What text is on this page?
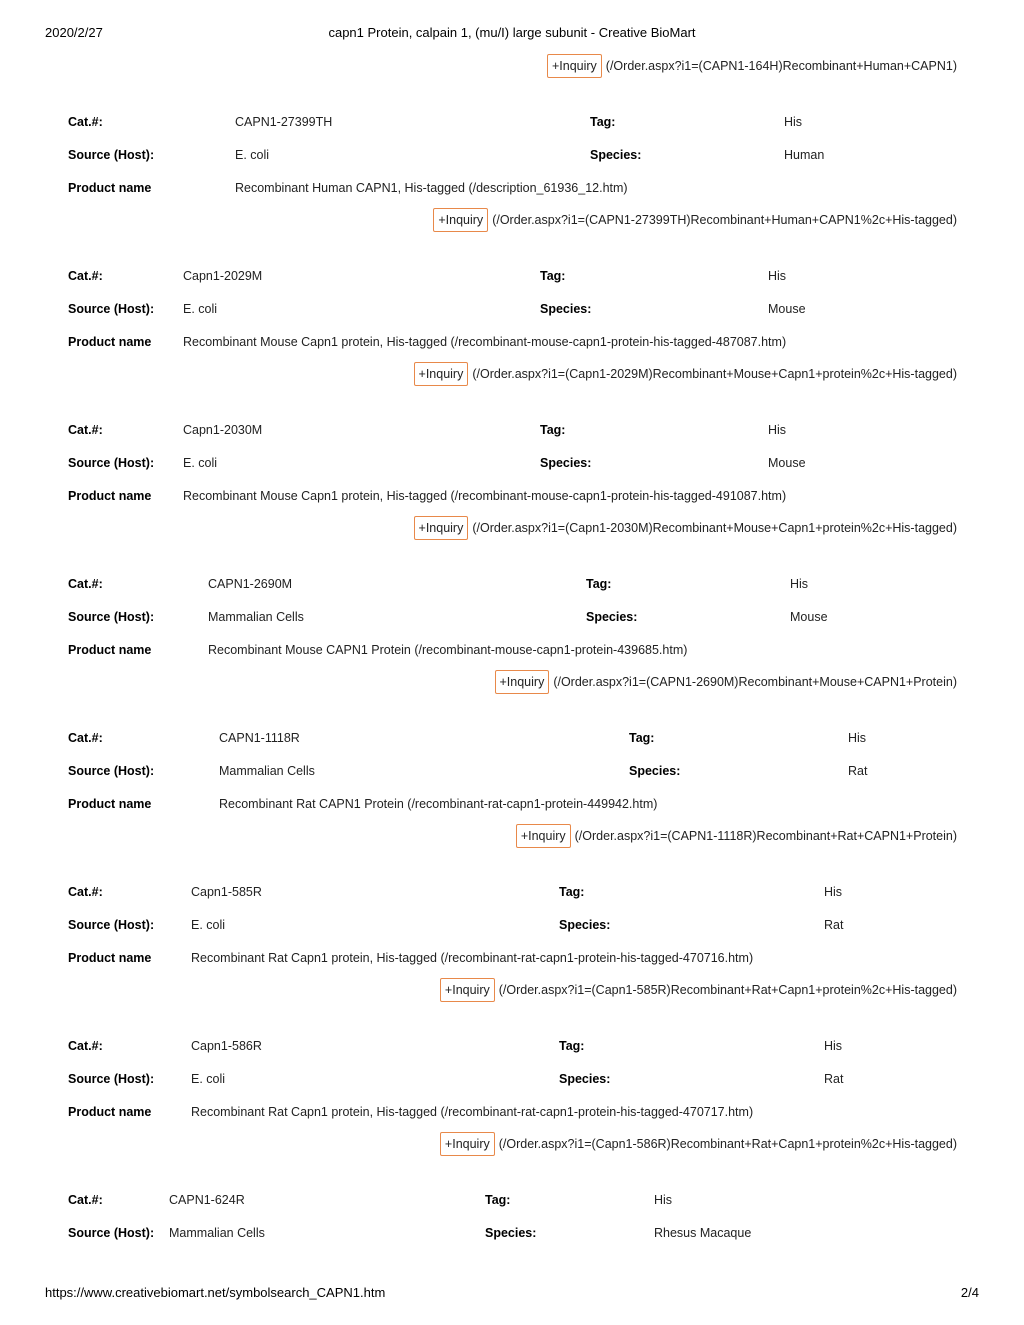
2020/2/27	capn1 Protein, calpain 1, (mu/I) large subunit - Creative BioMart
+Inquiry (/Order.aspx?i1=(CAPN1-164H)Recombinant+Human+CAPN1)
Cat.#:	CAPN1-27399TH	Tag:	His
Source (Host):	E. coli	Species:	Human
Product name	Recombinant Human CAPN1, His-tagged (/description_61936_12.htm)
+Inquiry (/Order.aspx?i1=(CAPN1-27399TH)Recombinant+Human+CAPN1%2c+His-tagged)
Cat.#:	Capn1-2029M	Tag:	His
Source (Host): E. coli	Species:	Mouse
Product name	Recombinant Mouse Capn1 protein, His-tagged (/recombinant-mouse-capn1-protein-his-tagged-487087.htm)
+Inquiry (/Order.aspx?i1=(Capn1-2029M)Recombinant+Mouse+Capn1+protein%2c+His-tagged)
Cat.#:	Capn1-2030M	Tag:	His
Source (Host): E. coli	Species:	Mouse
Product name	Recombinant Mouse Capn1 protein, His-tagged (/recombinant-mouse-capn1-protein-his-tagged-491087.htm)
+Inquiry (/Order.aspx?i1=(Capn1-2030M)Recombinant+Mouse+Capn1+protein%2c+His-tagged)
Cat.#:	CAPN1-2690M	Tag:	His
Source (Host):	Mammalian Cells	Species:	Mouse
Product name	Recombinant Mouse CAPN1 Protein (/recombinant-mouse-capn1-protein-439685.htm)
+Inquiry (/Order.aspx?i1=(CAPN1-2690M)Recombinant+Mouse+CAPN1+Protein)
Cat.#:	CAPN1-1118R	Tag:	His
Source (Host):	Mammalian Cells	Species:	Rat
Product name	Recombinant Rat CAPN1 Protein (/recombinant-rat-capn1-protein-449942.htm)
+Inquiry (/Order.aspx?i1=(CAPN1-1118R)Recombinant+Rat+CAPN1+Protein)
Cat.#:	Capn1-585R	Tag:	His
Source (Host):	E. coli	Species:	Rat
Product name	Recombinant Rat Capn1 protein, His-tagged (/recombinant-rat-capn1-protein-his-tagged-470716.htm)
+Inquiry (/Order.aspx?i1=(Capn1-585R)Recombinant+Rat+Capn1+protein%2c+His-tagged)
Cat.#:	Capn1-586R	Tag:	His
Source (Host):	E. coli	Species:	Rat
Product name	Recombinant Rat Capn1 protein, His-tagged (/recombinant-rat-capn1-protein-his-tagged-470717.htm)
+Inquiry (/Order.aspx?i1=(Capn1-586R)Recombinant+Rat+Capn1+protein%2c+His-tagged)
Cat.#:	CAPN1-624R	Tag:	His
Source (Host): Mammalian Cells	Species:	Rhesus Macaque
https://www.creativebiomart.net/symbolsearch_CAPN1.htm	2/4
